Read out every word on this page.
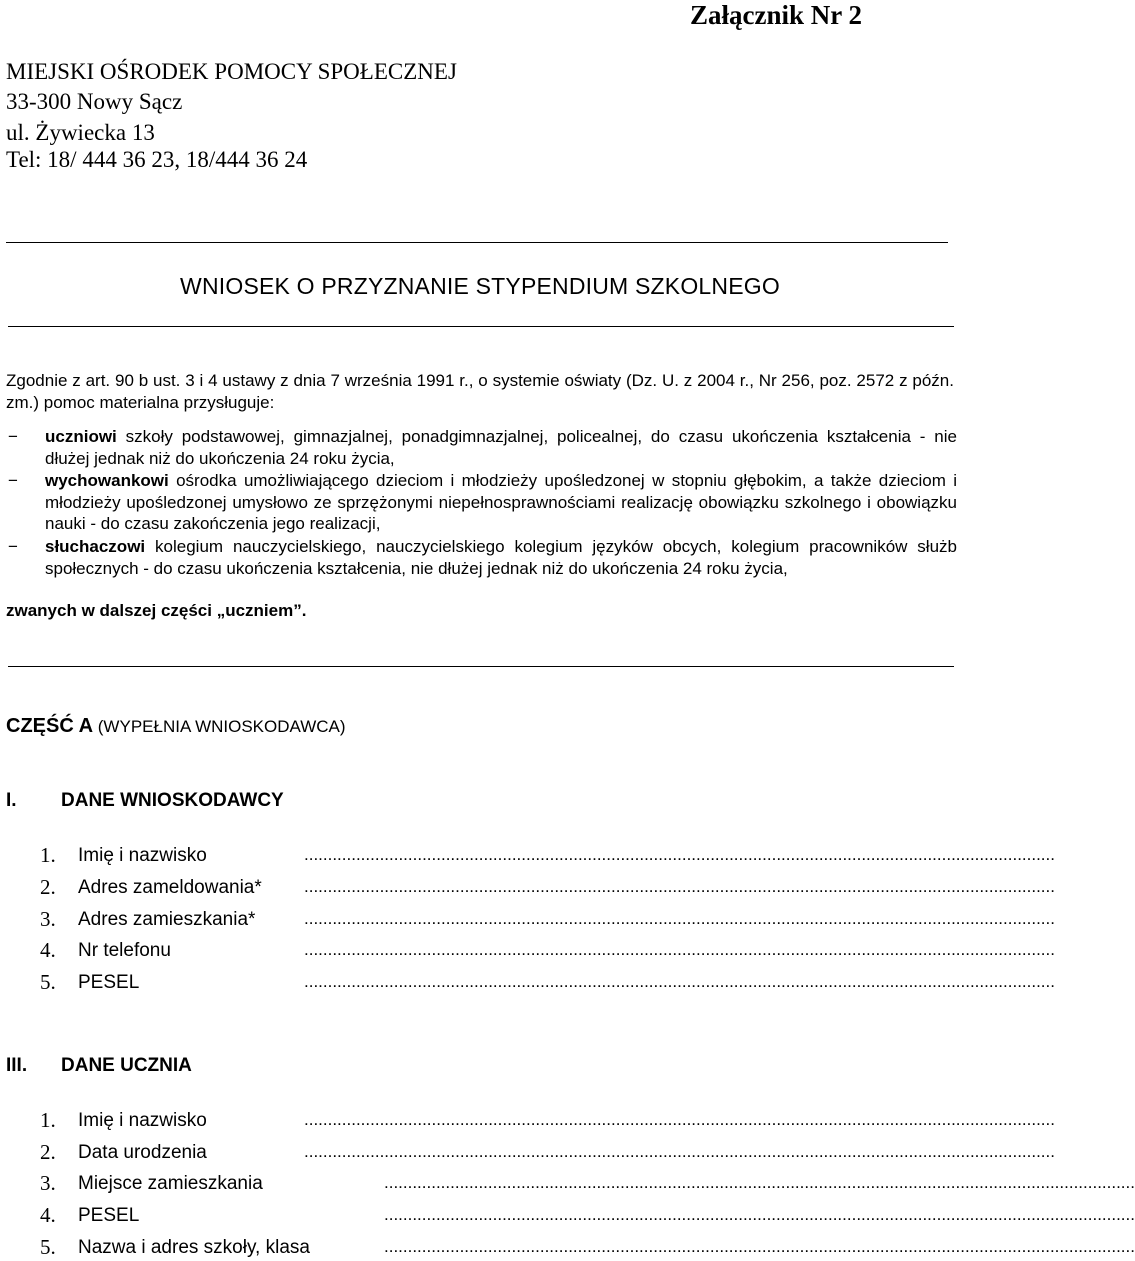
Załącznik Nr 2
MIEJSKI OŚRODEK POMOCY SPOŁECZNEJ
33-300 Nowy Sącz
ul. Żywiecka 13
Tel: 18/ 444 36 23, 18/444 36 24
WNIOSEK O PRZYZNANIE STYPENDIUM SZKOLNEGO
Zgodnie z art. 90 b ust. 3 i 4 ustawy z dnia 7 września 1991 r., o systemie oświaty (Dz. U. z 2004 r., Nr 256, poz. 2572 z późn. zm.) pomoc materialna przysługuje:
− uczniowi szkoły podstawowej, gimnazjalnej, ponadgimnazjalnej, policealnej, do czasu ukończenia kształcenia - nie dłużej jednak niż do ukończenia 24 roku życia,
− wychowankowi ośrodka umożliwiającego dzieciom i młodzieży upośledzonej w stopniu głębokim, a także dzieciom i młodzieży upośledzonej umysłowo ze sprzężonymi niepełnosprawnościami realizację obowiązku szkolnego i obowiązku nauki - do czasu zakończenia jego realizacji,
− słuchaczowi kolegium nauczycielskiego, nauczycielskiego kolegium języków obcych, kolegium pracowników służb społecznych - do czasu ukończenia kształcenia, nie dłużej jednak niż do ukończenia 24 roku życia,
zwanych w dalszej części „uczniem”.
CZĘŚĆ A (WYPEŁNIA WNIOSKODAWCA)
I. DANE WNIOSKODAWCY
1. Imię i nazwisko	...............................................................................................................................................................
2. Adres zameldowania* ...............................................................................................................................................................
3. Adres zamieszkania*	...............................................................................................................................................................
4. Nr telefonu	...............................................................................................................................................................
5. PESEL	...............................................................................................................................................................
III. DANE UCZNIA
1. Imię i nazwisko	...............................................................................................................................................................
2. Data urodzenia	...............................................................................................................................................................
3. Miejsce zamieszkania	...............................................................................................................................................................
4. PESEL	...............................................................................................................................................................
5. Nazwa i adres szkoły, klasa	...............................................................................................................................................................
